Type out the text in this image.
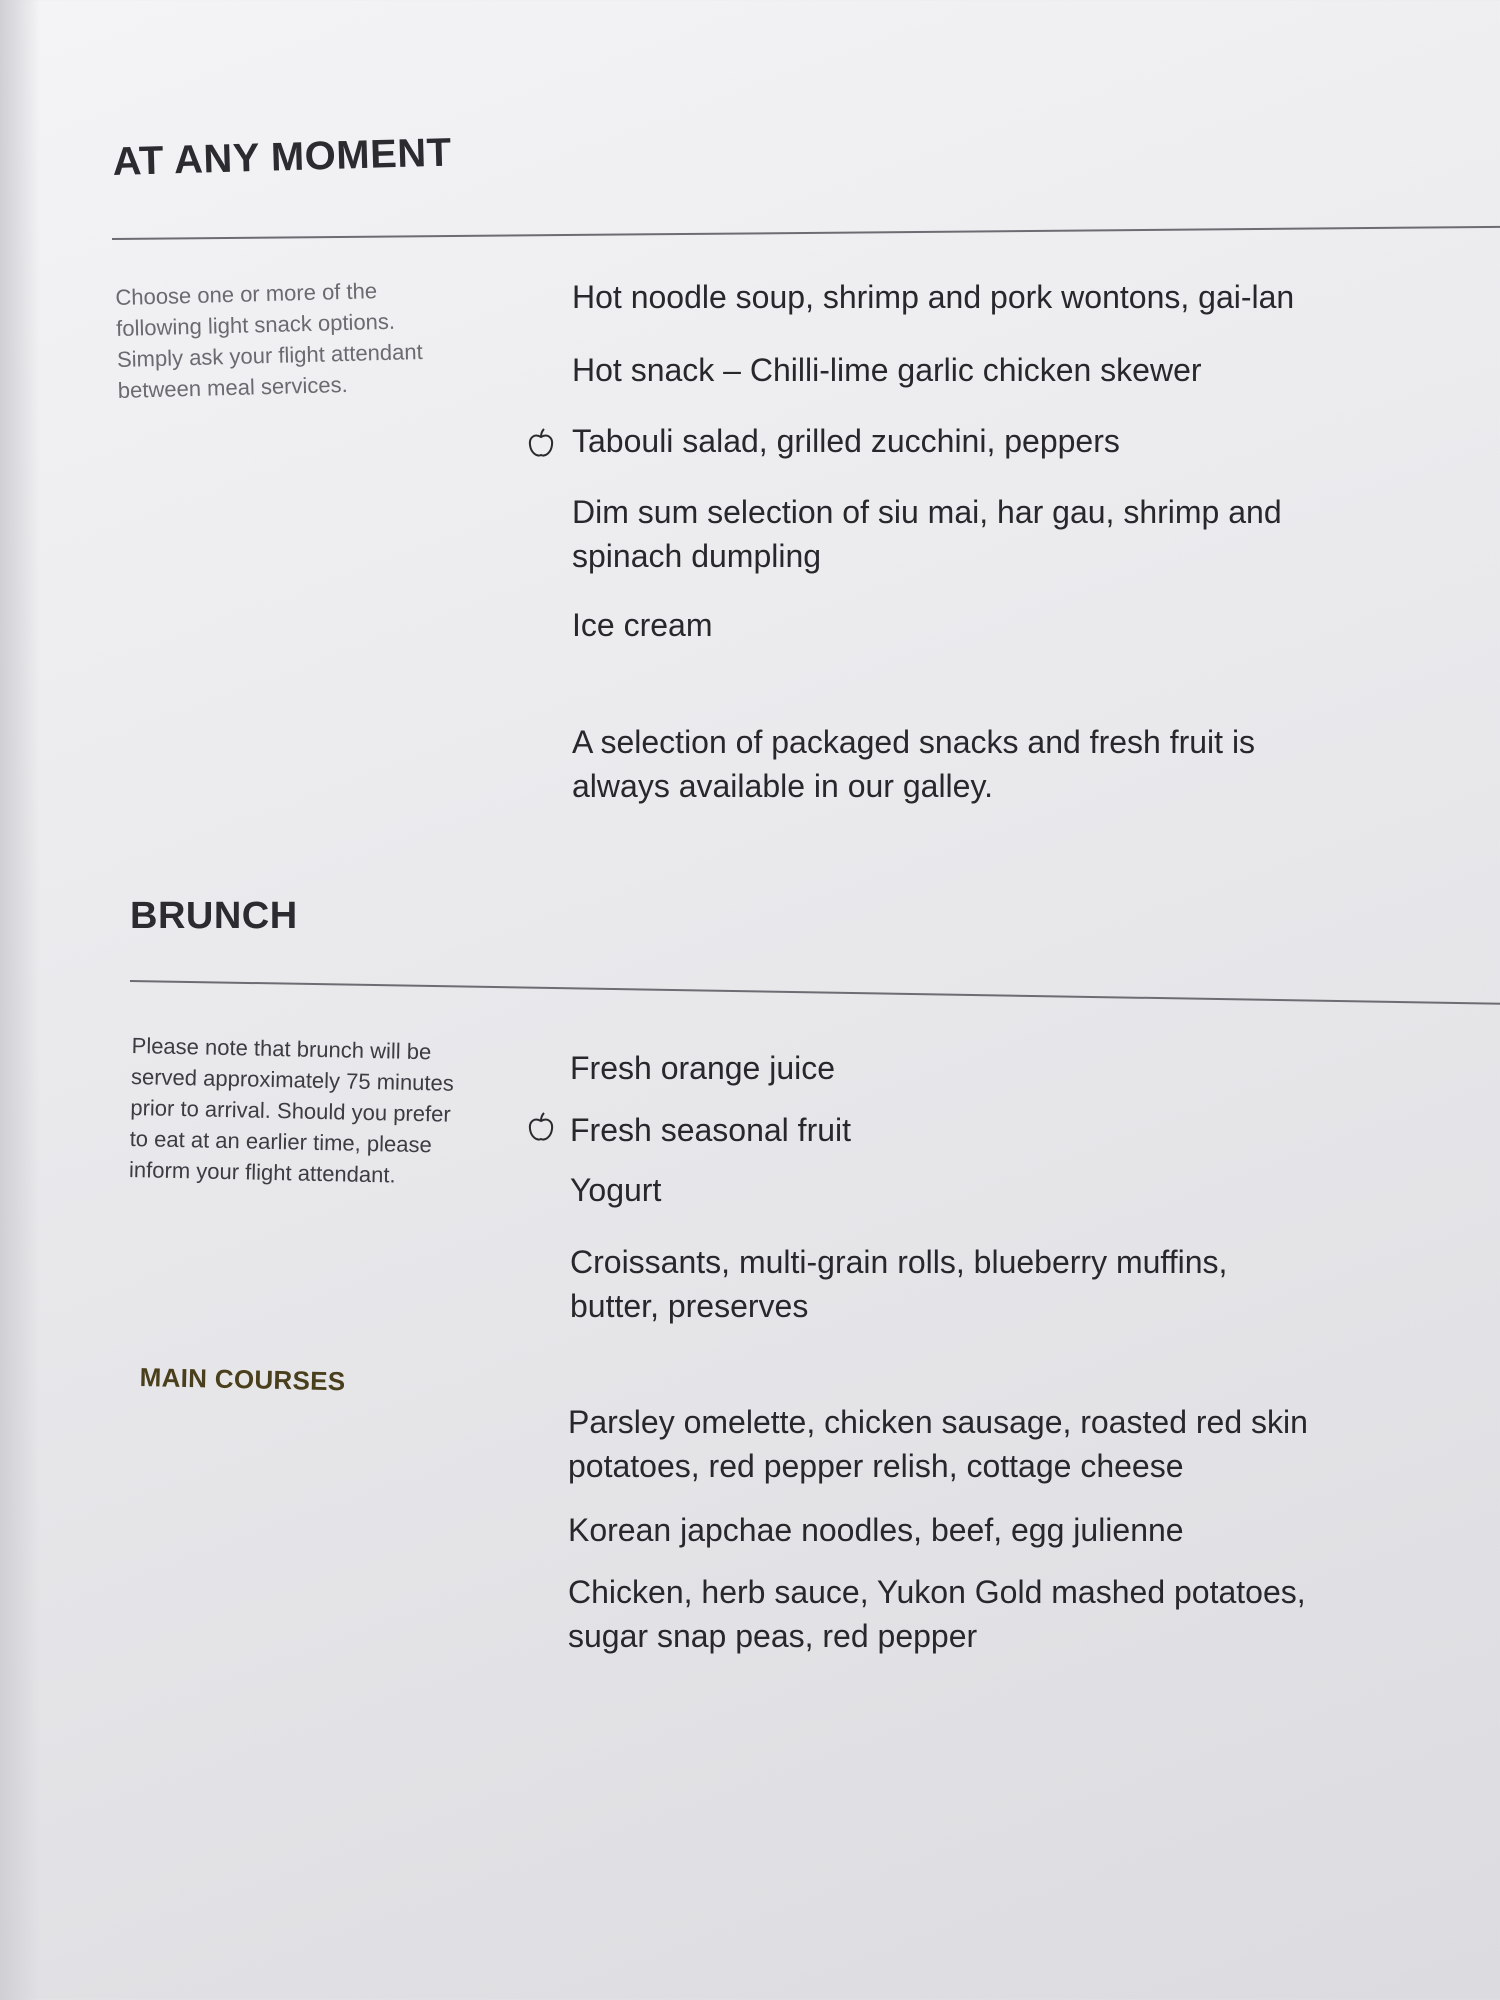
AT ANY MOMENT
Choose one or more of the following light snack options. Simply ask your flight attendant between meal services.
Hot noodle soup, shrimp and pork wontons, gai-lan
Hot snack – Chilli-lime garlic chicken skewer
Tabouli salad, grilled zucchini, peppers
Dim sum selection of siu mai, har gau, shrimp and spinach dumpling
Ice cream
A selection of packaged snacks and fresh fruit is always available in our galley.
BRUNCH
Please note that brunch will be served approximately 75 minutes prior to arrival. Should you prefer to eat at an earlier time, please inform your flight attendant.
Fresh orange juice
Fresh seasonal fruit
Yogurt
Croissants, multi-grain rolls, blueberry muffins, butter, preserves
MAIN COURSES
Parsley omelette, chicken sausage, roasted red skin potatoes, red pepper relish, cottage cheese
Korean japchae noodles, beef, egg julienne
Chicken, herb sauce, Yukon Gold mashed potatoes, sugar snap peas, red pepper
